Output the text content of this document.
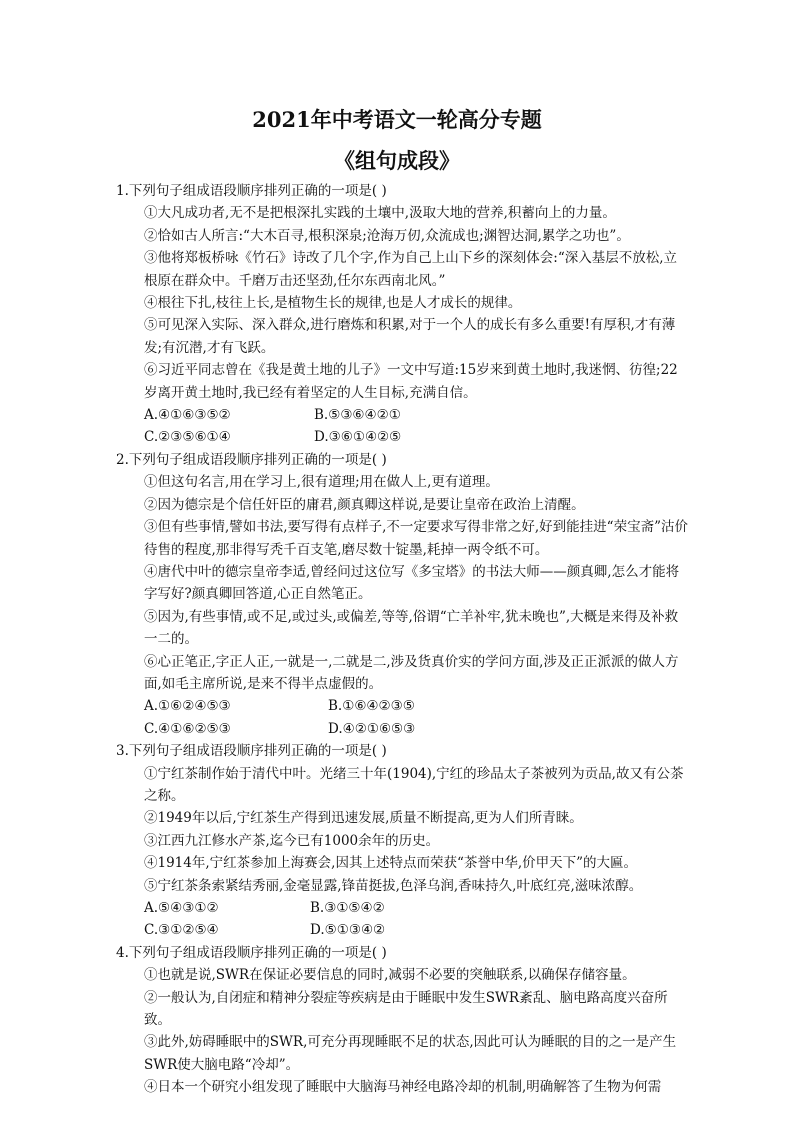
2021年中考语文一轮高分专题
《组句成段》
1.下列句子组成语段顺序排列正确的一项是( )
①大凡成功者,无不是把根深扎实践的土壤中,汲取大地的营养,积蓄向上的力量。
②恰如古人所言:“大木百寻,根积深泉;沧海万仞,众流成也;渊智达洞,累学之功也”。
③他将郑板桥咏《竹石》诗改了几个字,作为自己上山下乡的深刻体会:“深入基层不放松,立根原在群众中。千磨万击还坚劲,任尔东西南北风。”
④根往下扎,枝往上长,是植物生长的规律,也是人才成长的规律。
⑤可见深入实际、深入群众,进行磨炼和积累,对于一个人的成长有多么重要!有厚积,才有薄发;有沉潜,才有飞跃。
⑥习近平同志曾在《我是黄土地的儿子》一文中写道:15岁来到黄土地时,我迷惘、彷徨;22岁离开黄土地时,我已经有着坚定的人生目标,充满自信。
A.④①⑥③⑤②	B.⑤③⑥④②①
C.②③⑤⑥①④	D.③⑥①④②⑤
2.下列句子组成语段顺序排列正确的一项是( )
①但这句名言,用在学习上,很有道理;用在做人上,更有道理。
②因为德宗是个信任奸臣的庸君,颜真卿这样说,是要让皇帝在政治上清醒。
③但有些事情,譬如书法,要写得有点样子,不一定要求写得非常之好,好到能挂进“荣宝斋”沽价待售的程度,那非得写秃千百支笔,磨尽数十锭墨,耗掉一两令纸不可。
④唐代中叶的德宗皇帝李适,曾经问过这位写《多宝塔》的书法大师——颜真卿,怎么才能将字写好?颜真卿回答道,心正自然笔正。
⑤因为,有些事情,或不足,或过头,或偏差,等等,俗谓“亡羊补牢,犹未晚也”,大概是来得及补救一二的。
⑥心正笔正,字正人正,一就是一,二就是二,涉及货真价实的学问方面,涉及正正派派的做人方面,如毛主席所说,是来不得半点虚假的。
A.①⑥②④⑤③	B.①⑥④②③⑤
C.④①⑥②⑤③	D.④②①⑥⑤③
3.下列句子组成语段顺序排列正确的一项是( )
①宁红茶制作始于清代中叶。光绪三十年(1904),宁红的珍品太子茶被列为贡品,故又有公茶之称。
②1949年以后,宁红茶生产得到迅速发展,质量不断提高,更为人们所青睐。
③江西九江修水产茶,迄今已有1000余年的历史。
④1914年,宁红茶参加上海赛会,因其上述特点而荣获“茶誉中华,价甲天下”的大匾。
⑤宁红茶条索紧结秀丽,金毫显露,锋苗挺拔,色泽乌润,香味持久,叶底红亮,滋味浓醇。
A.⑤④③①②	B.③①⑤④②
C.③①②⑤④	D.⑤①③④②
4.下列句子组成语段顺序排列正确的一项是( )
①也就是说,SWR在保证必要信息的同时,减弱不必要的突触联系,以确保存储容量。
②一般认为,自闭症和精神分裂症等疾病是由于睡眠中发生SWR紊乱、脑电路高度兴奋所致。
③此外,妨碍睡眠中的SWR,可充分再现睡眠不足的状态,因此可认为睡眠的目的之一是产生SWR使大脑电路“冷却”。
④日本一个研究小组发现了睡眠中大脑海马神经电路冷却的机制,明确解答了生物为何需
